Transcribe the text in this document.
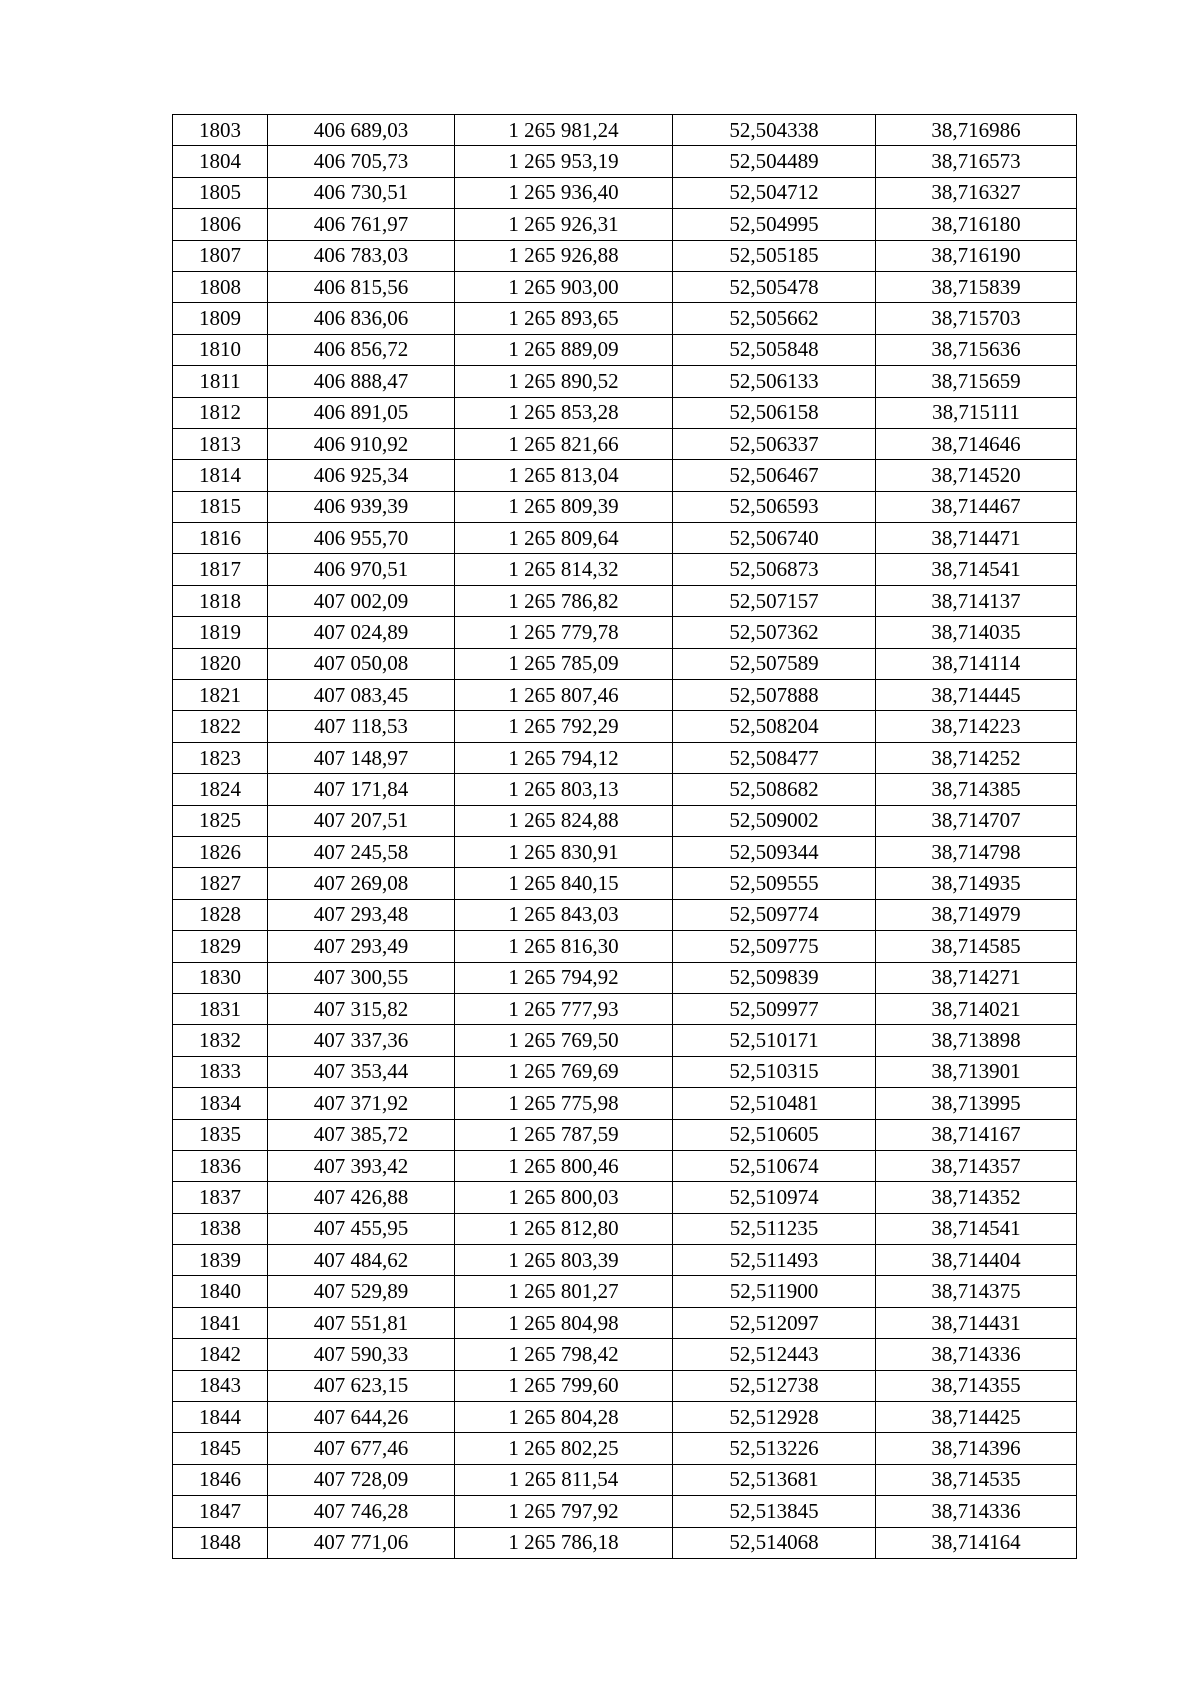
1803	406 689,03	1 265 981,24	52,504338	38,716986
1804	406 705,73	1 265 953,19	52,504489	38,716573
1805	406 730,51	1 265 936,40	52,504712	38,716327
1806	406 761,97	1 265 926,31	52,504995	38,716180
1807	406 783,03	1 265 926,88	52,505185	38,716190
1808	406 815,56	1 265 903,00	52,505478	38,715839
1809	406 836,06	1 265 893,65	52,505662	38,715703
1810	406 856,72	1 265 889,09	52,505848	38,715636
1811	406 888,47	1 265 890,52	52,506133	38,715659
1812	406 891,05	1 265 853,28	52,506158	38,715111
1813	406 910,92	1 265 821,66	52,506337	38,714646
1814	406 925,34	1 265 813,04	52,506467	38,714520
1815	406 939,39	1 265 809,39	52,506593	38,714467
1816	406 955,70	1 265 809,64	52,506740	38,714471
1817	406 970,51	1 265 814,32	52,506873	38,714541
1818	407 002,09	1 265 786,82	52,507157	38,714137
1819	407 024,89	1 265 779,78	52,507362	38,714035
1820	407 050,08	1 265 785,09	52,507589	38,714114
1821	407 083,45	1 265 807,46	52,507888	38,714445
1822	407 118,53	1 265 792,29	52,508204	38,714223
1823	407 148,97	1 265 794,12	52,508477	38,714252
1824	407 171,84	1 265 803,13	52,508682	38,714385
1825	407 207,51	1 265 824,88	52,509002	38,714707
1826	407 245,58	1 265 830,91	52,509344	38,714798
1827	407 269,08	1 265 840,15	52,509555	38,714935
1828	407 293,48	1 265 843,03	52,509774	38,714979
1829	407 293,49	1 265 816,30	52,509775	38,714585
1830	407 300,55	1 265 794,92	52,509839	38,714271
1831	407 315,82	1 265 777,93	52,509977	38,714021
1832	407 337,36	1 265 769,50	52,510171	38,713898
1833	407 353,44	1 265 769,69	52,510315	38,713901
1834	407 371,92	1 265 775,98	52,510481	38,713995
1835	407 385,72	1 265 787,59	52,510605	38,714167
1836	407 393,42	1 265 800,46	52,510674	38,714357
1837	407 426,88	1 265 800,03	52,510974	38,714352
1838	407 455,95	1 265 812,80	52,511235	38,714541
1839	407 484,62	1 265 803,39	52,511493	38,714404
1840	407 529,89	1 265 801,27	52,511900	38,714375
1841	407 551,81	1 265 804,98	52,512097	38,714431
1842	407 590,33	1 265 798,42	52,512443	38,714336
1843	407 623,15	1 265 799,60	52,512738	38,714355
1844	407 644,26	1 265 804,28	52,512928	38,714425
1845	407 677,46	1 265 802,25	52,513226	38,714396
1846	407 728,09	1 265 811,54	52,513681	38,714535
1847	407 746,28	1 265 797,92	52,513845	38,714336
1848	407 771,06	1 265 786,18	52,514068	38,714164
